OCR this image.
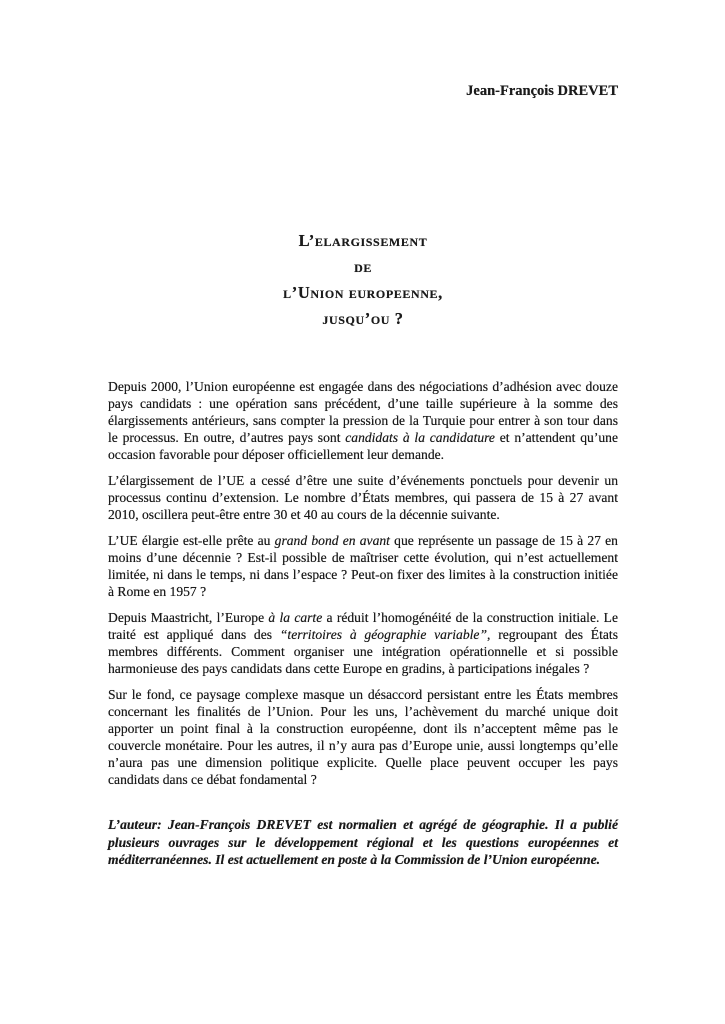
Jean-François DREVET
L’elargissement
de
l’Union europeenne,
jusqu’ou ?

Depuis 2000, l’Union européenne est engagée dans des négociations d’adhésion avec douze pays candidats : une opération sans précédent, d’une taille supérieure à la somme des élargissements antérieurs, sans compter la pression de la Turquie pour entrer à son tour dans le processus. En outre, d’autres pays sont candidats à la candidature et n’attendent qu’une occasion favorable pour déposer officiellement leur demande.

L’élargissement de l’UE a cessé d’être une suite d’événements ponctuels pour devenir un processus continu d’extension. Le nombre d’États membres, qui passera de 15 à 27 avant 2010, oscillera peut-être entre 30 et 40 au cours de la décennie suivante.

L’UE élargie est-elle prête au grand bond en avant que représente un passage de 15 à 27 en moins d’une décennie ? Est-il possible de maîtriser cette évolution, qui n’est actuellement limitée, ni dans le temps, ni dans l’espace ? Peut-on fixer des limites à la construction initiée à Rome en 1957 ?

Depuis Maastricht, l’Europe à la carte a réduit l’homogénéité de la construction initiale. Le traité est appliqué dans des “territoires à géographie variable”, regroupant des États membres différents. Comment organiser une intégration opérationnelle et si possible harmonieuse des pays candidats dans cette Europe en gradins, à participations inégales ?

Sur le fond, ce paysage complexe masque un désaccord persistant entre les États membres concernant les finalités de l’Union. Pour les uns, l’achèvement du marché unique doit apporter un point final à la construction européenne, dont ils n’acceptent même pas le couvercle monétaire. Pour les autres, il n’y aura pas d’Europe unie, aussi longtemps qu’elle n’aura pas une dimension politique explicite. Quelle place peuvent occuper les pays candidats dans ce débat fondamental ?

L’auteur: Jean-François DREVET est normalien et agrégé de géographie. Il a publié plusieurs ouvrages sur le développement régional et les questions européennes et méditerranéennes. Il est actuellement en poste à la Commission de l’Union européenne.
